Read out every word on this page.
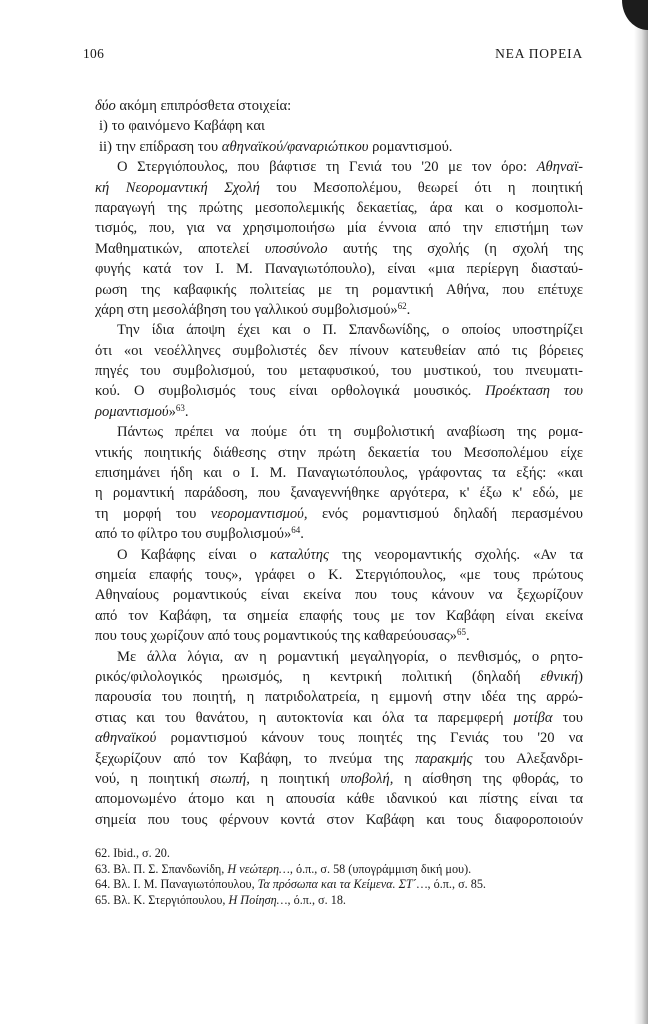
106	ΝΕΑ ΠΟΡΕΙΑ
δύο ακόμη επιπρόσθετα στοιχεία:
i) το φαινόμενο Καβάφη και
ii) την επίδραση του αθηναϊκού/φαναριώτικου ρομαντισμού.
Ο Στεργιόπουλος, που βάφτισε τη Γενιά του '20 με τον όρο: Αθηναϊ-
κή Νεορομαντική Σχολή του Μεσοπολέμου, θεωρεί ότι η ποιητική
παραγωγή της πρώτης μεσοπολεμικής δεκαετίας, άρα και ο κοσμοπολι-
τισμός, που, για να χρησιμοποιήσω μία έννοια από την επιστήμη των
Μαθηματικών, αποτελεί υποσύνολο αυτής της σχολής (η σχολή της
φυγής κατά τον Ι. Μ. Παναγιωτόπουλο), είναι «μια περίεργη διασταύ-
ρωση της καβαφικής πολιτείας με τη ρομαντική Αθήνα, που επέτυχε
χάρη στη μεσολάβηση του γαλλικού συμβολισμού»$^{62}$.
Την ίδια άποψη έχει και ο Π. Σπανδωνίδης, ο οποίος υποστηρίζει
ότι «οι νεοέλληνες συμβολιστές δεν πίνουν κατευθείαν από τις βόρειες
πηγές του συμβολισμού, του μεταφυσικού, του μυστικού, του πνευματι-
κού. Ο συμβολισμός τους είναι ορθολογικά μουσικός. Προέκταση του
ρομαντισμού»$^{63}$.
Πάντως πρέπει να πούμε ότι τη συμβολιστική αναβίωση της ρομα-
ντικής ποιητικής διάθεσης στην πρώτη δεκαετία του Μεσοπολέμου είχε
επισημάνει ήδη και ο Ι. Μ. Παναγιωτόπουλος, γράφοντας τα εξής: «και
η ρομαντική παράδοση, που ξαναγεννήθηκε αργότερα, κ' έξω κ' εδώ, με
τη μορφή του νεορομαντισμού, ενός ρομαντισμού δηλαδή περασμένου
από το φίλτρο του συμβολισμού»$^{64}$.
Ο Καβάφης είναι ο καταλύτης της νεορομαντικής σχολής. «Αν τα
σημεία επαφής τους», γράφει ο Κ. Στεργιόπουλος, «με τους πρώτους
Αθηναίους ρομαντικούς είναι εκείνα που τους κάνουν να ξεχωρίζουν
από τον Καβάφη, τα σημεία επαφής τους με τον Καβάφη είναι εκείνα
που τους χωρίζουν από τους ρομαντικούς της καθαρεύουσας»$^{65}$.
Με άλλα λόγια, αν η ρομαντική μεγαληγορία, ο πενθισμός, ο ρητο-
ρικός/φιλολογικός ηρωισμός, η κεντρική πολιτική (δηλαδή εθνική)
παρουσία του ποιητή, η πατριδολατρεία, η εμμονή στην ιδέα της αρρώ-
στιας και του θανάτου, η αυτοκτονία και όλα τα παρεμφερή μοτίβα του
αθηναϊκού ρομαντισμού κάνουν τους ποιητές της Γενιάς του '20 να
ξεχωρίζουν από τον Καβάφη, το πνεύμα της παρακμής του Αλεξανδρι-
νού, η ποιητική σιωπή, η ποιητική υποβολή, η αίσθηση της φθοράς, το
απομονωμένο άτομο και η απουσία κάθε ιδανικού και πίστης είναι τα
σημεία που τους φέρνουν κοντά στον Καβάφη και τους διαφοροποιούν
62. Ibid., σ. 20.
63. Βλ. Π. Σ. Σπανδωνίδη, Η νεώτερη…, ό.π., σ. 58 (υπογράμμιση δική μου).
64. Βλ. Ι. Μ. Παναγιωτόπουλου, Τα πρόσωπα και τα Κείμενα. ΣΤ΄…, ό.π., σ. 85.
65. Βλ. Κ. Στεργιόπουλου, Η Ποίηση…, ό.π., σ. 18.
